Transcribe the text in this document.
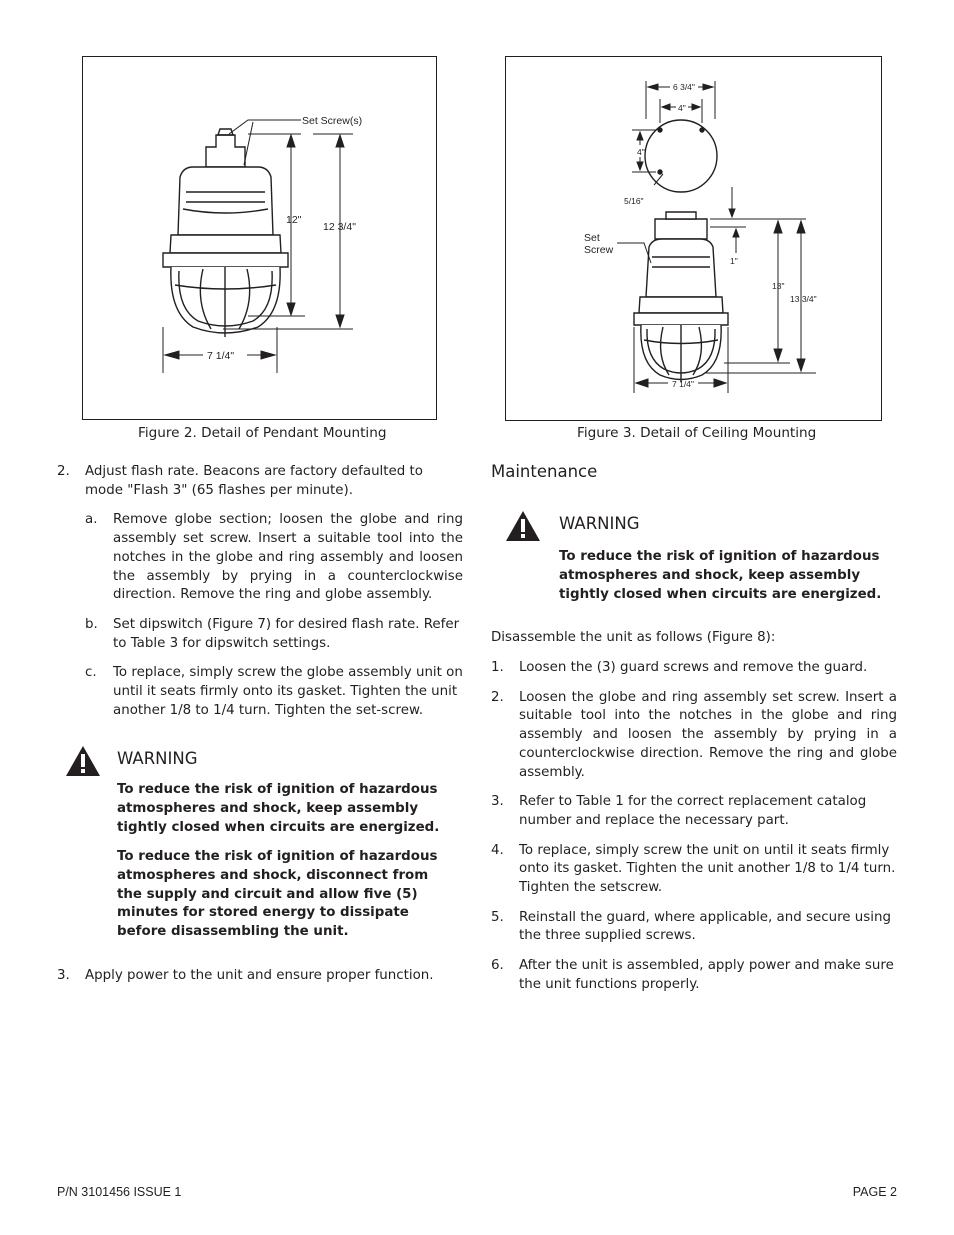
Set Screw(s)
12"
12 3/4"
7 1/4"
Figure 2. Detail of Pendant Mounting
6 3/4"
4"
4"
5/16"
Set
Screw
1"
13"
13 3/4"
7 1/4"
Figure 3. Detail of Ceiling Mounting
2. Adjust flash rate. Beacons are factory defaulted to mode "Flash 3" (65 flashes per minute).
a. Remove globe section; loosen the globe and ring assembly set screw. Insert a suitable tool into the notches in the globe and ring assembly and loosen the assembly by prying in a counterclockwise direction. Remove the ring and globe assembly.
b. Set dipswitch (Figure 7) for desired flash rate. Refer to Table 3 for dipswitch settings.
c. To replace, simply screw the globe assembly unit on until it seats firmly onto its gasket. Tighten the unit another 1/8 to 1/4 turn. Tighten the set-screw.
WARNING

To reduce the risk of ignition of hazardous atmospheres and shock, keep assembly tightly closed when circuits are energized.

To reduce the risk of ignition of hazardous atmospheres and shock, disconnect from the supply and circuit and allow five (5) minutes for stored energy to dissipate before disassembling the unit.

3. Apply power to the unit and ensure proper function.
Maintenance
WARNING

To reduce the risk of ignition of hazardous atmospheres and shock, keep assembly tightly closed when circuits are energized.

Disassemble the unit as follows (Figure 8):
1. Loosen the (3) guard screws and remove the guard.
2. Loosen the globe and ring assembly set screw. Insert a suitable tool into the notches in the globe and ring assembly and loosen the assembly by prying in a counterclockwise direction. Remove the ring and globe assembly.
3. Refer to Table 1 for the correct replacement catalog number and replace the necessary part.
4. To replace, simply screw the unit on until it seats firmly onto its gasket. Tighten the unit another 1/8 to 1/4 turn. Tighten the setscrew.
5. Reinstall the guard, where applicable, and secure using the three supplied screws.
6. After the unit is assembled, apply power and make sure the unit functions properly.
P/N 3101456 ISSUE 1	PAGE 2
